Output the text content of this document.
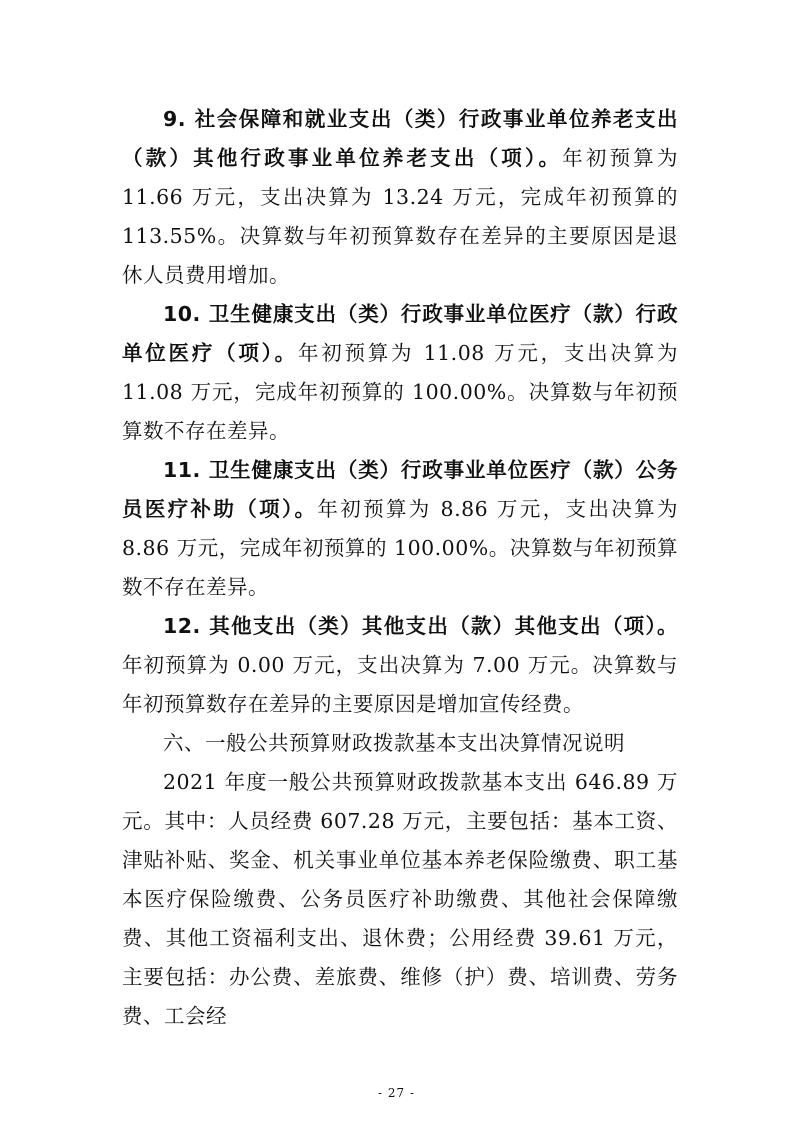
9. 社会保障和就业支出（类）行政事业单位养老支出（款）其他行政事业单位养老支出（项）。年初预算为 11.66 万元，支出决算为 13.24 万元，完成年初预算的 113.55%。决算数与年初预算数存在差异的主要原因是退休人员费用增加。

10. 卫生健康支出（类）行政事业单位医疗（款）行政单位医疗（项）。年初预算为 11.08 万元，支出决算为 11.08 万元，完成年初预算的 100.00%。决算数与年初预算数不存在差异。

11. 卫生健康支出（类）行政事业单位医疗（款）公务员医疗补助（项）。年初预算为 8.86 万元，支出决算为 8.86 万元，完成年初预算的 100.00%。决算数与年初预算数不存在差异。

12. 其他支出（类）其他支出（款）其他支出（项）。年初预算为 0.00 万元，支出决算为 7.00 万元。决算数与年初预算数存在差异的主要原因是增加宣传经费。

六、一般公共预算财政拨款基本支出决算情况说明

2021 年度一般公共预算财政拨款基本支出 646.89 万元。其中：人员经费 607.28 万元，主要包括：基本工资、津贴补贴、奖金、机关事业单位基本养老保险缴费、职工基本医疗保险缴费、公务员医疗补助缴费、其他社会保障缴费、其他工资福利支出、退休费；公用经费 39.61 万元，主要包括：办公费、差旅费、维修（护）费、培训费、劳务费、工会经

- 27 -
